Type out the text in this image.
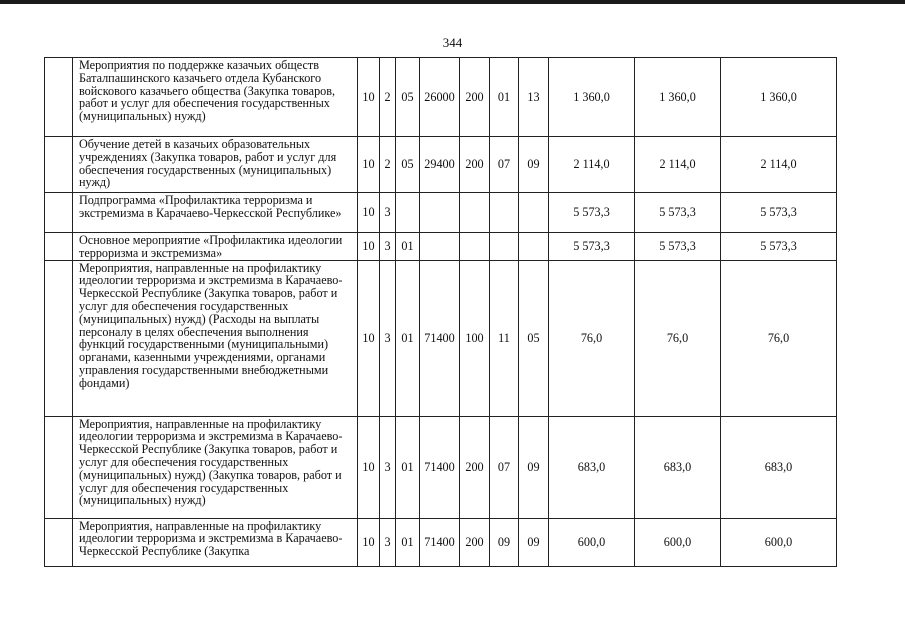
344
	Мероприятия по поддержке казачьих обществ Баталпашинского казачьего отдела Кубанского войскового казачьего общества (Закупка товаров, работ и услуг для обеспечения государственных (муниципальных) нужд)	10	2	05	26000	200	01	13	1 360,0	1 360,0	1 360,0
	Обучение детей в казачьих образовательных учреждениях (Закупка товаров, работ и услуг для обеспечения государственных (муниципальных) нужд)	10	2	05	29400	200	07	09	2 114,0	2 114,0	2 114,0
	Подпрограмма «Профилактика терроризма и экстремизма в Карачаево-Черкесской Республике»	10	3						5 573,3	5 573,3	5 573,3
	Основное мероприятие «Профилактика идеологии терроризма и экстремизма»	10	3	01					5 573,3	5 573,3	5 573,3
	Мероприятия, направленные на профилактику идеологии терроризма и экстремизма в Карачаево-Черкесской Республике (Закупка товаров, работ и услуг для обеспечения государственных (муниципальных) нужд) (Расходы на выплаты персоналу в целях обеспечения выполнения функций государственными (муниципальными) органами, казенными учреждениями, органами управления государственными внебюджетными фондами)	10	3	01	71400	100	11	05	76,0	76,0	76,0
	Мероприятия, направленные на профилактику идеологии терроризма и экстремизма в Карачаево-Черкесской Республике (Закупка товаров, работ и услуг для обеспечения государственных (муниципальных) нужд) (Закупка товаров, работ и услуг для обеспечения государственных (муниципальных) нужд)	10	3	01	71400	200	07	09	683,0	683,0	683,0
	Мероприятия, направленные на профилактику идеологии терроризма и экстремизма в Карачаево-Черкесской Республике (Закупка	10	3	01	71400	200	09	09	600,0	600,0	600,0
